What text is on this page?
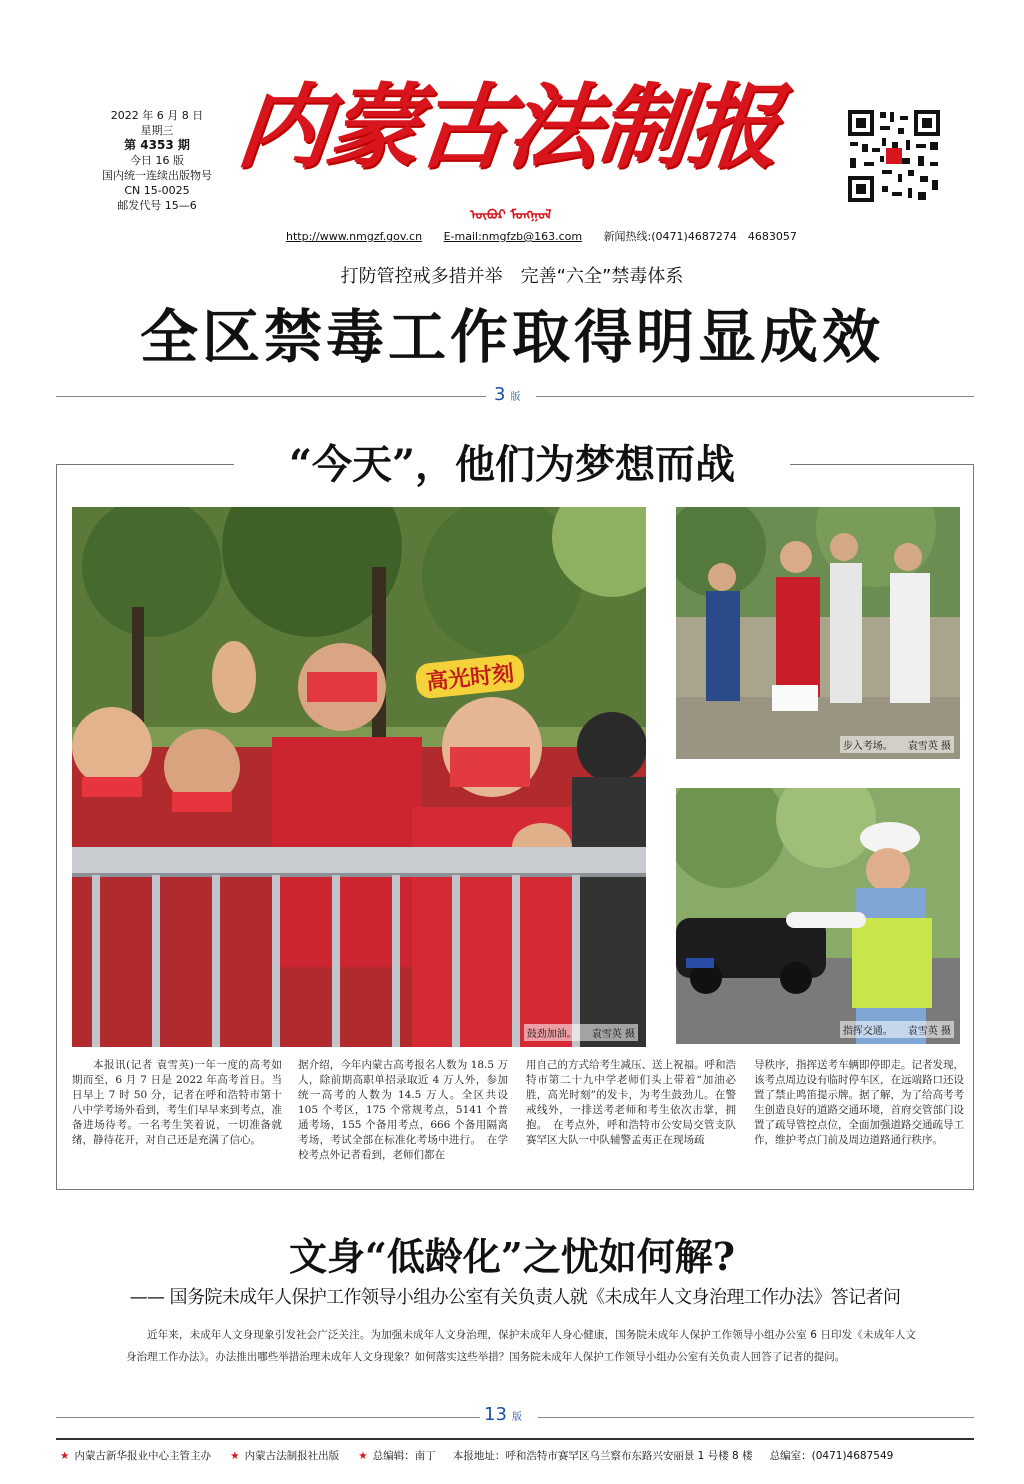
2022 年 6 月 8 日
星期三
第 4353 期
今日 16 版
国内统一连续出版物号
CN 15-0025
邮发代号 15—6
内蒙古法制报
ᠥᠪᠦᠷ ᠮᠣᠩᠭᠣᠯ
http://www.nmgzf.gov.cn E-mail:nmgfzb@163.com 新闻热线:(0471)4687274　4683057
打防管控戒多措并举　完善“六全”禁毒体系
全区禁毒工作取得明显成效
3 版
“今天”，他们为梦想而战
高光时刻
鼓劲加油。　　袁雪英 摄
步入考场。　　袁雪英 摄
指挥交通。　　袁雪英 摄
本报讯(记者 袁雪英)一年一度的高考如期而至，6 月 7 日是 2022 年高考首日。当日早上 7 时 50 分，记者在呼和浩特市第十八中学考场外看到，考生们早早来到考点，准备进场待考。一名考生笑着说，一切准备就绪，静待花开，对自己还是充满了信心。
据介绍，今年内蒙古高考报名人数为 18.5 万人，除前期高职单招录取近 4 万人外，参加统一高考的人数为 14.5 万人。全区共设 105 个考区，175 个常规考点，5141 个普通考场，155 个备用考点，666 个备用隔离考场，考试全部在标准化考场中进行。　在学校考点外记者看到，老师们都在
用自己的方式给考生减压、送上祝福。呼和浩特市第二十九中学老师们头上带着“加油必胜，高光时刻”的发卡，为考生鼓劲儿。在警戒线外，一排送考老师和考生依次击掌，拥抱。　在考点外，呼和浩特市公安局交管支队赛罕区大队一中队辅警孟夷正在现场疏
导秩序，指挥送考车辆即停即走。记者发现，该考点周边设有临时停车区，在远端路口还设置了禁止鸣笛提示牌。据了解，为了给高考考生创造良好的道路交通环境，首府交管部门设置了疏导管控点位，全面加强道路交通疏导工作，维护考点门前及周边道路通行秩序。
文身“低龄化”之忧如何解?
—— 国务院未成年人保护工作领导小组办公室有关负责人就《未成年人文身治理工作办法》答记者问
近年来，未成年人文身现象引发社会广泛关注。为加强未成年人文身治理，保护未成年人身心健康，国务院未成年人保护工作领导小组办公室 6 日印发《未成年人文身治理工作办法》。办法推出哪些举措治理未成年人文身现象？如何落实这些举措？国务院未成年人保护工作领导小组办公室有关负责人回答了记者的提问。
13 版
★ 内蒙古新华报业中心主管主办 ★ 内蒙古法制报社出版 ★ 总编辑：南丁 本报地址：呼和浩特市赛罕区乌兰察布东路兴安丽景 1 号楼 8 楼 总编室：(0471)4687549
